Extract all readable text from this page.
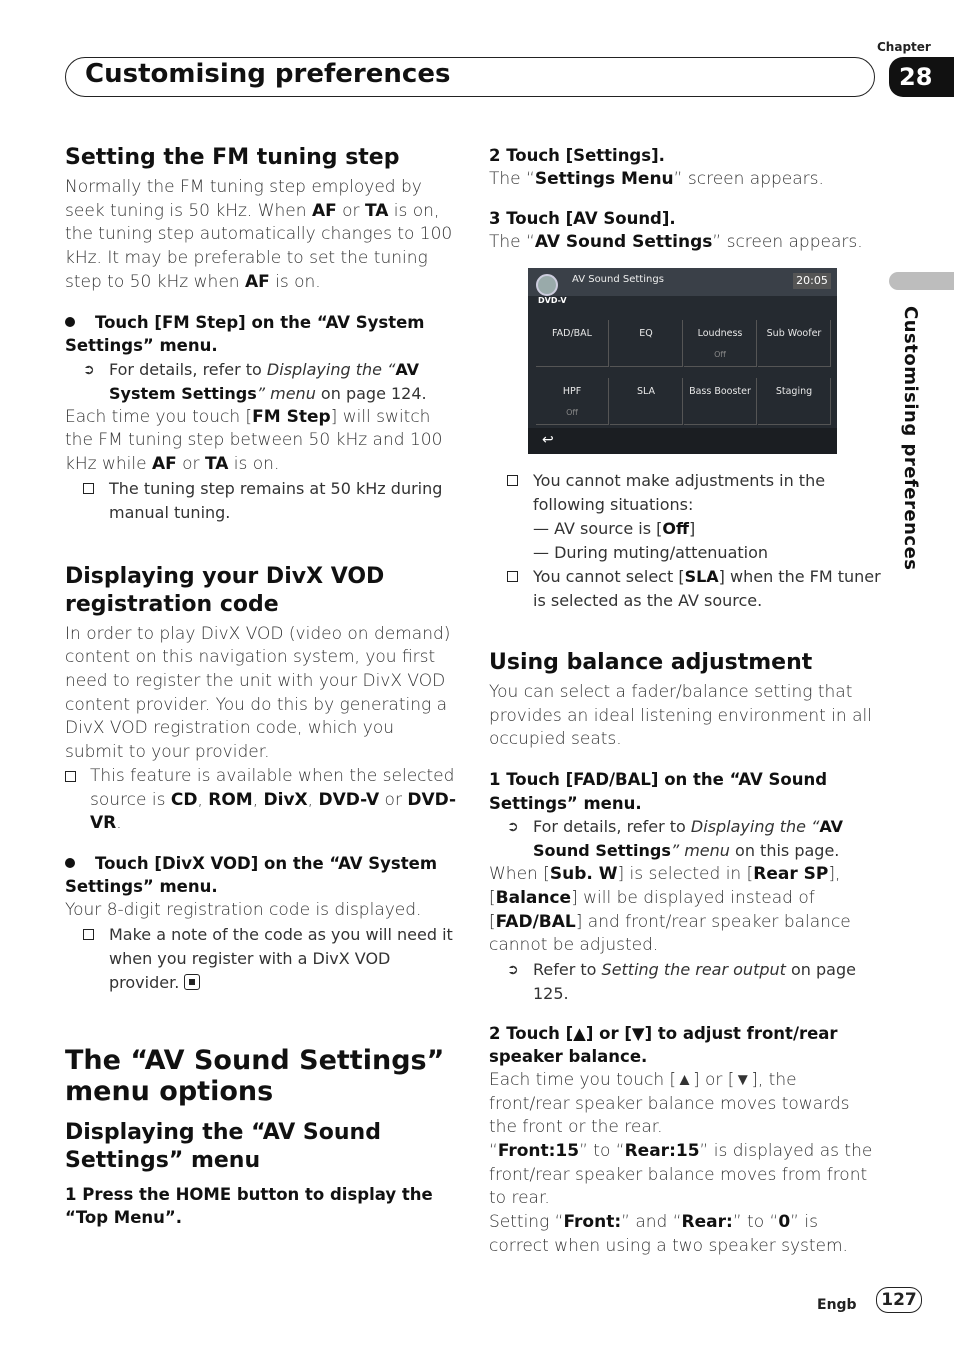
Customising preferences
Chapter
28
Customising preferences
Setting the FM tuning step

Normally the FM tuning step employed by seek tuning is 50 kHz. When AF or TA is on, the tuning step automatically changes to 100 kHz. It may be preferable to set the tuning step to 50 kHz when AF is on.

Touch [FM Step] on the “AV System Settings” menu.

➲ For details, refer to Displaying the “AV System Settings” menu on page 124.

Each time you touch [FM Step] will switch the FM tuning step between 50 kHz and 100 kHz while AF or TA is on.

The tuning step remains at 50 kHz during manual tuning.

Displaying your DivX VOD registration code

In order to play DivX VOD (video on demand) content on this navigation system, you first need to register the unit with your DivX VOD content provider. You do this by generating a DivX VOD registration code, which you submit to your provider.

This feature is available when the selected source is CD, ROM, DivX, DVD-V or DVD-VR.

Touch [DivX VOD] on the “AV System Settings” menu.

Your 8-digit registration code is displayed.

Make a note of the code as you will need it when you register with a DivX VOD provider.

The “AV Sound Settings” menu options
Displaying the “AV Sound Settings” menu

1 Press the HOME button to display the “Top Menu”.

2 Touch [Settings].

The “Settings Menu” screen appears.

3 Touch [AV Sound].

The “AV Sound Settings” screen appears.

DVD-V
AV Sound Settings	20:05
FAD/BAL	EQ	Loudness
Off
Sub Woofer
HPF
Off
SLA	Bass Booster	Staging
↩

You cannot make adjustments in the following situations:

— AV source is [Off]

— During muting/attenuation

You cannot select [SLA] when the FM tuner is selected as the AV source.

Using balance adjustment

You can select a fader/balance setting that provides an ideal listening environment in all occupied seats.

1 Touch [FAD/BAL] on the “AV Sound Settings” menu.

➲ For details, refer to Displaying the “AV Sound Settings” menu on this page.

When [Sub. W] is selected in [Rear SP], [Balance] will be displayed instead of [FAD/BAL] and front/rear speaker balance cannot be adjusted.

➲ Refer to Setting the rear output on page 125.

2 Touch [▲] or [▼] to adjust front/rear speaker balance.

Each time you touch [▲] or [▼], the front/rear speaker balance moves towards the front or the rear.

“Front:15” to “Rear:15” is displayed as the front/rear speaker balance moves from front to rear.

Setting “Front:” and “Rear:” to “0” is correct when using a two speaker system.

Engb	127
